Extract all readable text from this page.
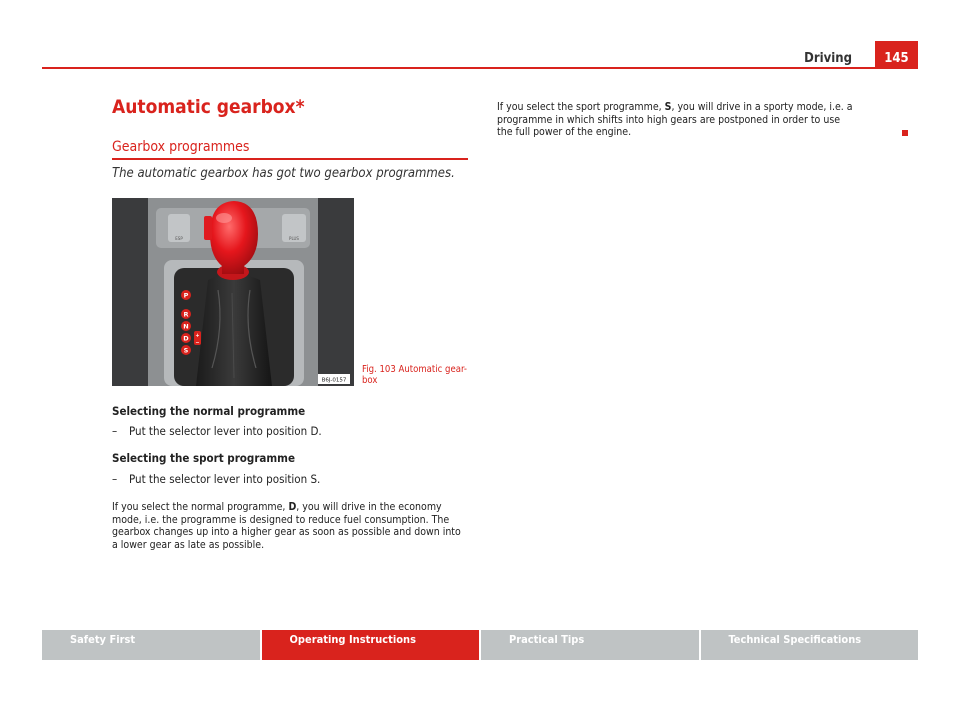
Driving	145
Automatic gearbox*
Gearbox programmes
The automatic gearbox has got two gearbox programmes.
P
R
N
D
S
+
−
ESP	PLUS
B6J-0157
Fig. 103 Automatic gear-box
Selecting the normal programme
– Put the selector lever into position D.
Selecting the sport programme
– Put the selector lever into position S.
If you select the normal programme, D, you will drive in the economy mode, i.e. the programme is designed to reduce fuel consumption. The gearbox changes up into a higher gear as soon as possible and down into a lower gear as late as possible.
If you select the sport programme, S, you will drive in a sporty mode, i.e. a programme in which shifts into high gears are postponed in order to use the full power of the engine.
Safety First	Operating Instructions	Practical Tips	Technical Specifications
